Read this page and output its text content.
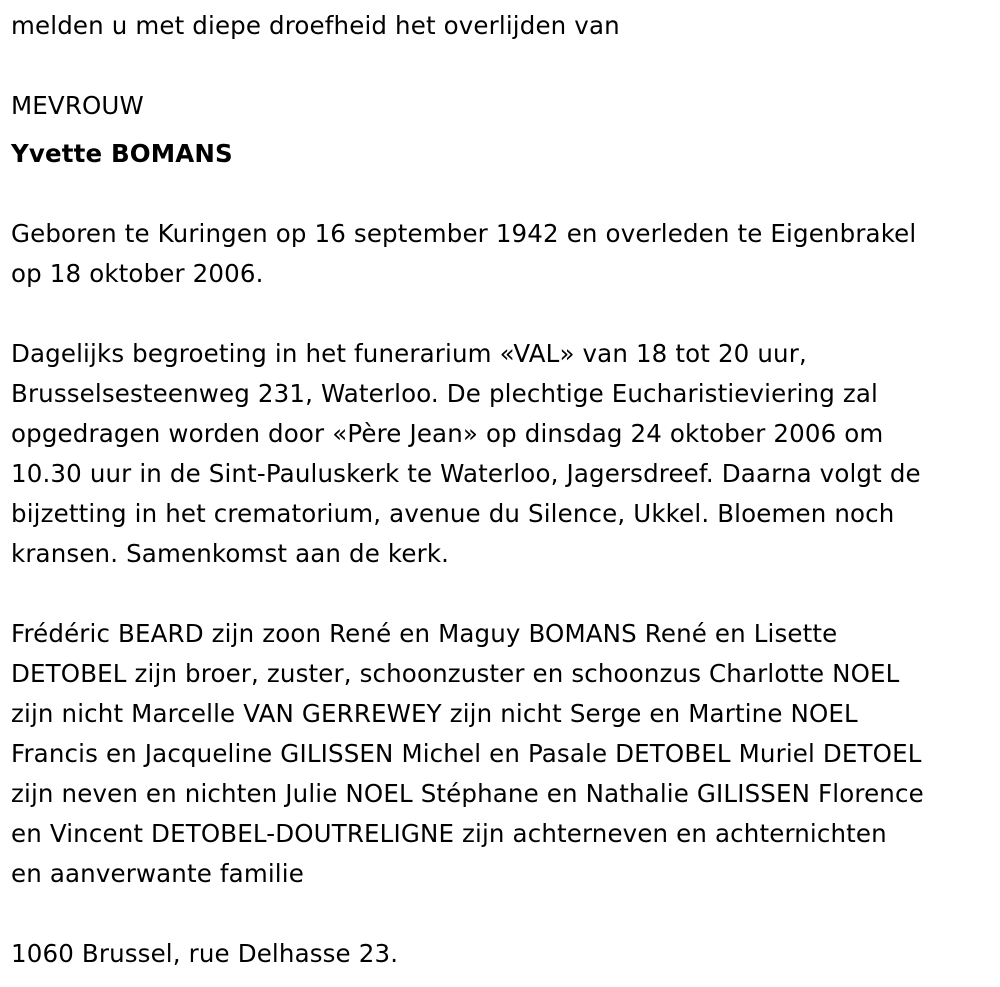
melden u met diepe droefheid het overlijden van
MEVROUW
Yvette BOMANS
Geboren te Kuringen op 16 september 1942 en overleden te Eigenbrakel
op 18 oktober 2006.
Dagelijks begroeting in het funerarium «VAL» van 18 tot 20 uur,
Brusselsesteenweg 231, Waterloo. De plechtige Eucharistieviering zal
opgedragen worden door «Père Jean» op dinsdag 24 oktober 2006 om
10.30 uur in de Sint-Pauluskerk te Waterloo, Jagersdreef. Daarna volgt de
bijzetting in het crematorium, avenue du Silence, Ukkel. Bloemen noch
kransen. Samenkomst aan de kerk.
Frédéric BEARD zijn zoon René en Maguy BOMANS René en Lisette
DETOBEL zijn broer, zuster, schoonzuster en schoonzus Charlotte NOEL
zijn nicht Marcelle VAN GERREWEY zijn nicht Serge en Martine NOEL
Francis en Jacqueline GILISSEN Michel en Pasale DETOBEL Muriel DETOEL
zijn neven en nichten Julie NOEL Stéphane en Nathalie GILISSEN Florence
en Vincent DETOBEL-DOUTRELIGNE zijn achterneven en achternichten
en aanverwante familie
1060 Brussel, rue Delhasse 23.
